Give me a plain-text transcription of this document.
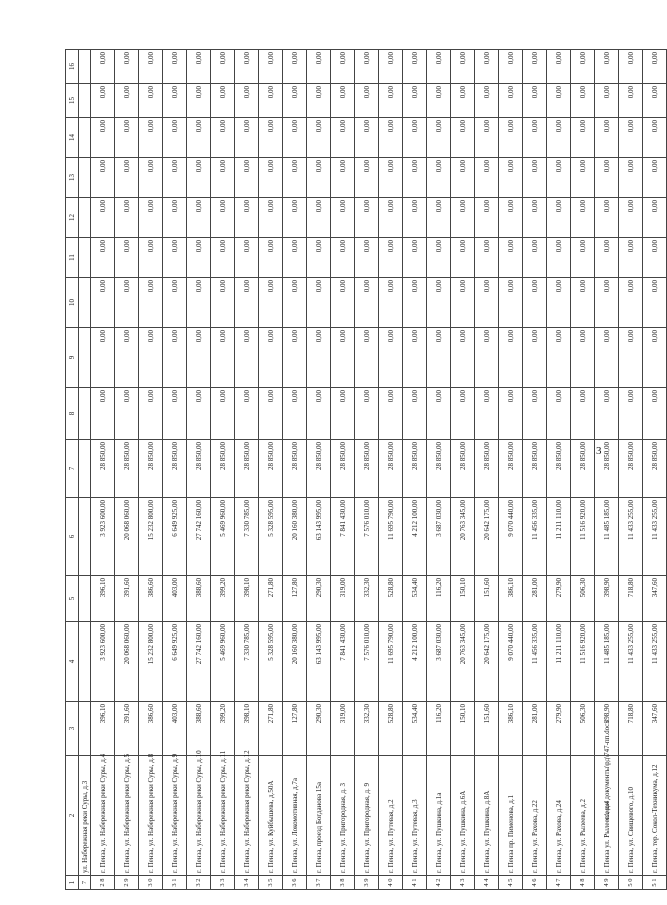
3
c:\мои документы\рд\747-пп.docx
1	2	3	4	5	6	7	8	9	10	11	12	13	14	15	16
7	ул. Набережная реки Суры, д.3														
2 8	г. Пенза, ул. Набережная реки Суры, д.4	396,10	3 923 600,00	396,10	3 923 600,00	28 850,00	0,00	0,00	0,00	0,00	0,00	0,00	0,00	0,00	0,00
2 9	г. Пенза, ул. Набережная реки Суры, д.5	391,60	20 068 060,00	391,60	20 068 060,00	28 850,00	0,00	0,00	0,00	0,00	0,00	0,00	0,00	0,00	0,00
3 0	г. Пенза, ул. Набережная реки Суры, д.8	386,60	15 232 800,00	386,60	15 232 800,00	28 850,00	0,00	0,00	0,00	0,00	0,00	0,00	0,00	0,00	0,00
3 1	г. Пенза, ул. Набережная реки Суры, д.9	403,00	6 649 925,00	403,00	6 649 925,00	28 850,00	0,00	0,00	0,00	0,00	0,00	0,00	0,00	0,00	0,00
3 2	г. Пенза, ул. Набережная реки Суры, д.10	388,60	27 742 160,00	388,60	27 742 160,00	28 850,00	0,00	0,00	0,00	0,00	0,00	0,00	0,00	0,00	0,00
3 3	г. Пенза, ул. Набережная реки Суры, д.11	399,20	5 469 960,00	399,20	5 469 960,00	28 850,00	0,00	0,00	0,00	0,00	0,00	0,00	0,00	0,00	0,00
3 4	г. Пенза, ул. Набережная реки Суры, д.12	398,10	7 330 785,00	398,10	7 330 785,00	28 850,00	0,00	0,00	0,00	0,00	0,00	0,00	0,00	0,00	0,00
3 5	г. Пенза, ул. Куйбышева, д.50А	271,80	5 328 595,00	271,80	5 328 595,00	28 850,00	0,00	0,00	0,00	0,00	0,00	0,00	0,00	0,00	0,00
3 6	г. Пенза, ул. Локомотивная, д.7а	127,80	20 160 380,00	127,80	20 160 380,00	28 850,00	0,00	0,00	0,00	0,00	0,00	0,00	0,00	0,00	0,00
3 7	г. Пенза, проезд Богданова 15а	290,30	63 143 995,00	290,30	63 143 995,00	28 850,00	0,00	0,00	0,00	0,00	0,00	0,00	0,00	0,00	0,00
3 8	г. Пенза, ул. Пригородная, д. 3	319,00	7 841 430,00	319,00	7 841 430,00	28 850,00	0,00	0,00	0,00	0,00	0,00	0,00	0,00	0,00	0,00
3 9	г. Пенза, ул. Пригородная, д. 9	332,30	7 576 010,00	332,30	7 576 010,00	28 850,00	0,00	0,00	0,00	0,00	0,00	0,00	0,00	0,00	0,00
4 0	г. Пенза, ул. Путевая, д.2	528,80	11 695 790,00	528,80	11 695 790,00	28 850,00	0,00	0,00	0,00	0,00	0,00	0,00	0,00	0,00	0,00
4 1	г. Пенза, ул. Путевая, д.3	534,40	4 212 100,00	534,40	4 212 100,00	28 850,00	0,00	0,00	0,00	0,00	0,00	0,00	0,00	0,00	0,00
4 2	г. Пенза, ул. Пушкина, д.1а	116,20	3 687 030,00	116,20	3 687 030,00	28 850,00	0,00	0,00	0,00	0,00	0,00	0,00	0,00	0,00	0,00
4 3	г. Пенза, ул. Пушкина, д.6А	150,10	20 763 345,00	150,10	20 763 345,00	28 850,00	0,00	0,00	0,00	0,00	0,00	0,00	0,00	0,00	0,00
4 4	г. Пенза, ул. Пушкина, д.8А	151,60	20 642 175,00	151,60	20 642 175,00	28 850,00	0,00	0,00	0,00	0,00	0,00	0,00	0,00	0,00	0,00
4 5	г. Пенза пр. Пименова, д.1	386,10	9 070 440,00	386,10	9 070 440,00	28 850,00	0,00	0,00	0,00	0,00	0,00	0,00	0,00	0,00	0,00
4 6	г. Пенза, ул. Рахова, д.22	281,00	11 456 335,00	281,00	11 456 335,00	28 850,00	0,00	0,00	0,00	0,00	0,00	0,00	0,00	0,00	0,00
4 7	г. Пенза, ул. Рахова, д.24	279,90	11 211 110,00	279,90	11 211 110,00	28 850,00	0,00	0,00	0,00	0,00	0,00	0,00	0,00	0,00	0,00
4 8	г. Пенза, ул. Рылеева, д.2	506,30	11 516 920,00	506,30	11 516 920,00	28 850,00	0,00	0,00	0,00	0,00	0,00	0,00	0,00	0,00	0,00
4 9	г. Пенза ул. Рылеева, д.4	398,90	11 485 185,00	398,90	11 485 185,00	28 850,00	0,00	0,00	0,00	0,00	0,00	0,00	0,00	0,00	0,00
5 0	г. Пенза, ул. Свищевого, д.10	718,80	11 433 255,00	718,80	11 433 255,00	28 850,00	0,00	0,00	0,00	0,00	0,00	0,00	0,00	0,00	0,00
5 1	г. Пенза, тер. Сокол-Техникума, д.12	347,60	11 433 255,00	347,60	11 433 255,00	28 850,00	0,00	0,00	0,00	0,00	0,00	0,00	0,00	0,00	0,00
